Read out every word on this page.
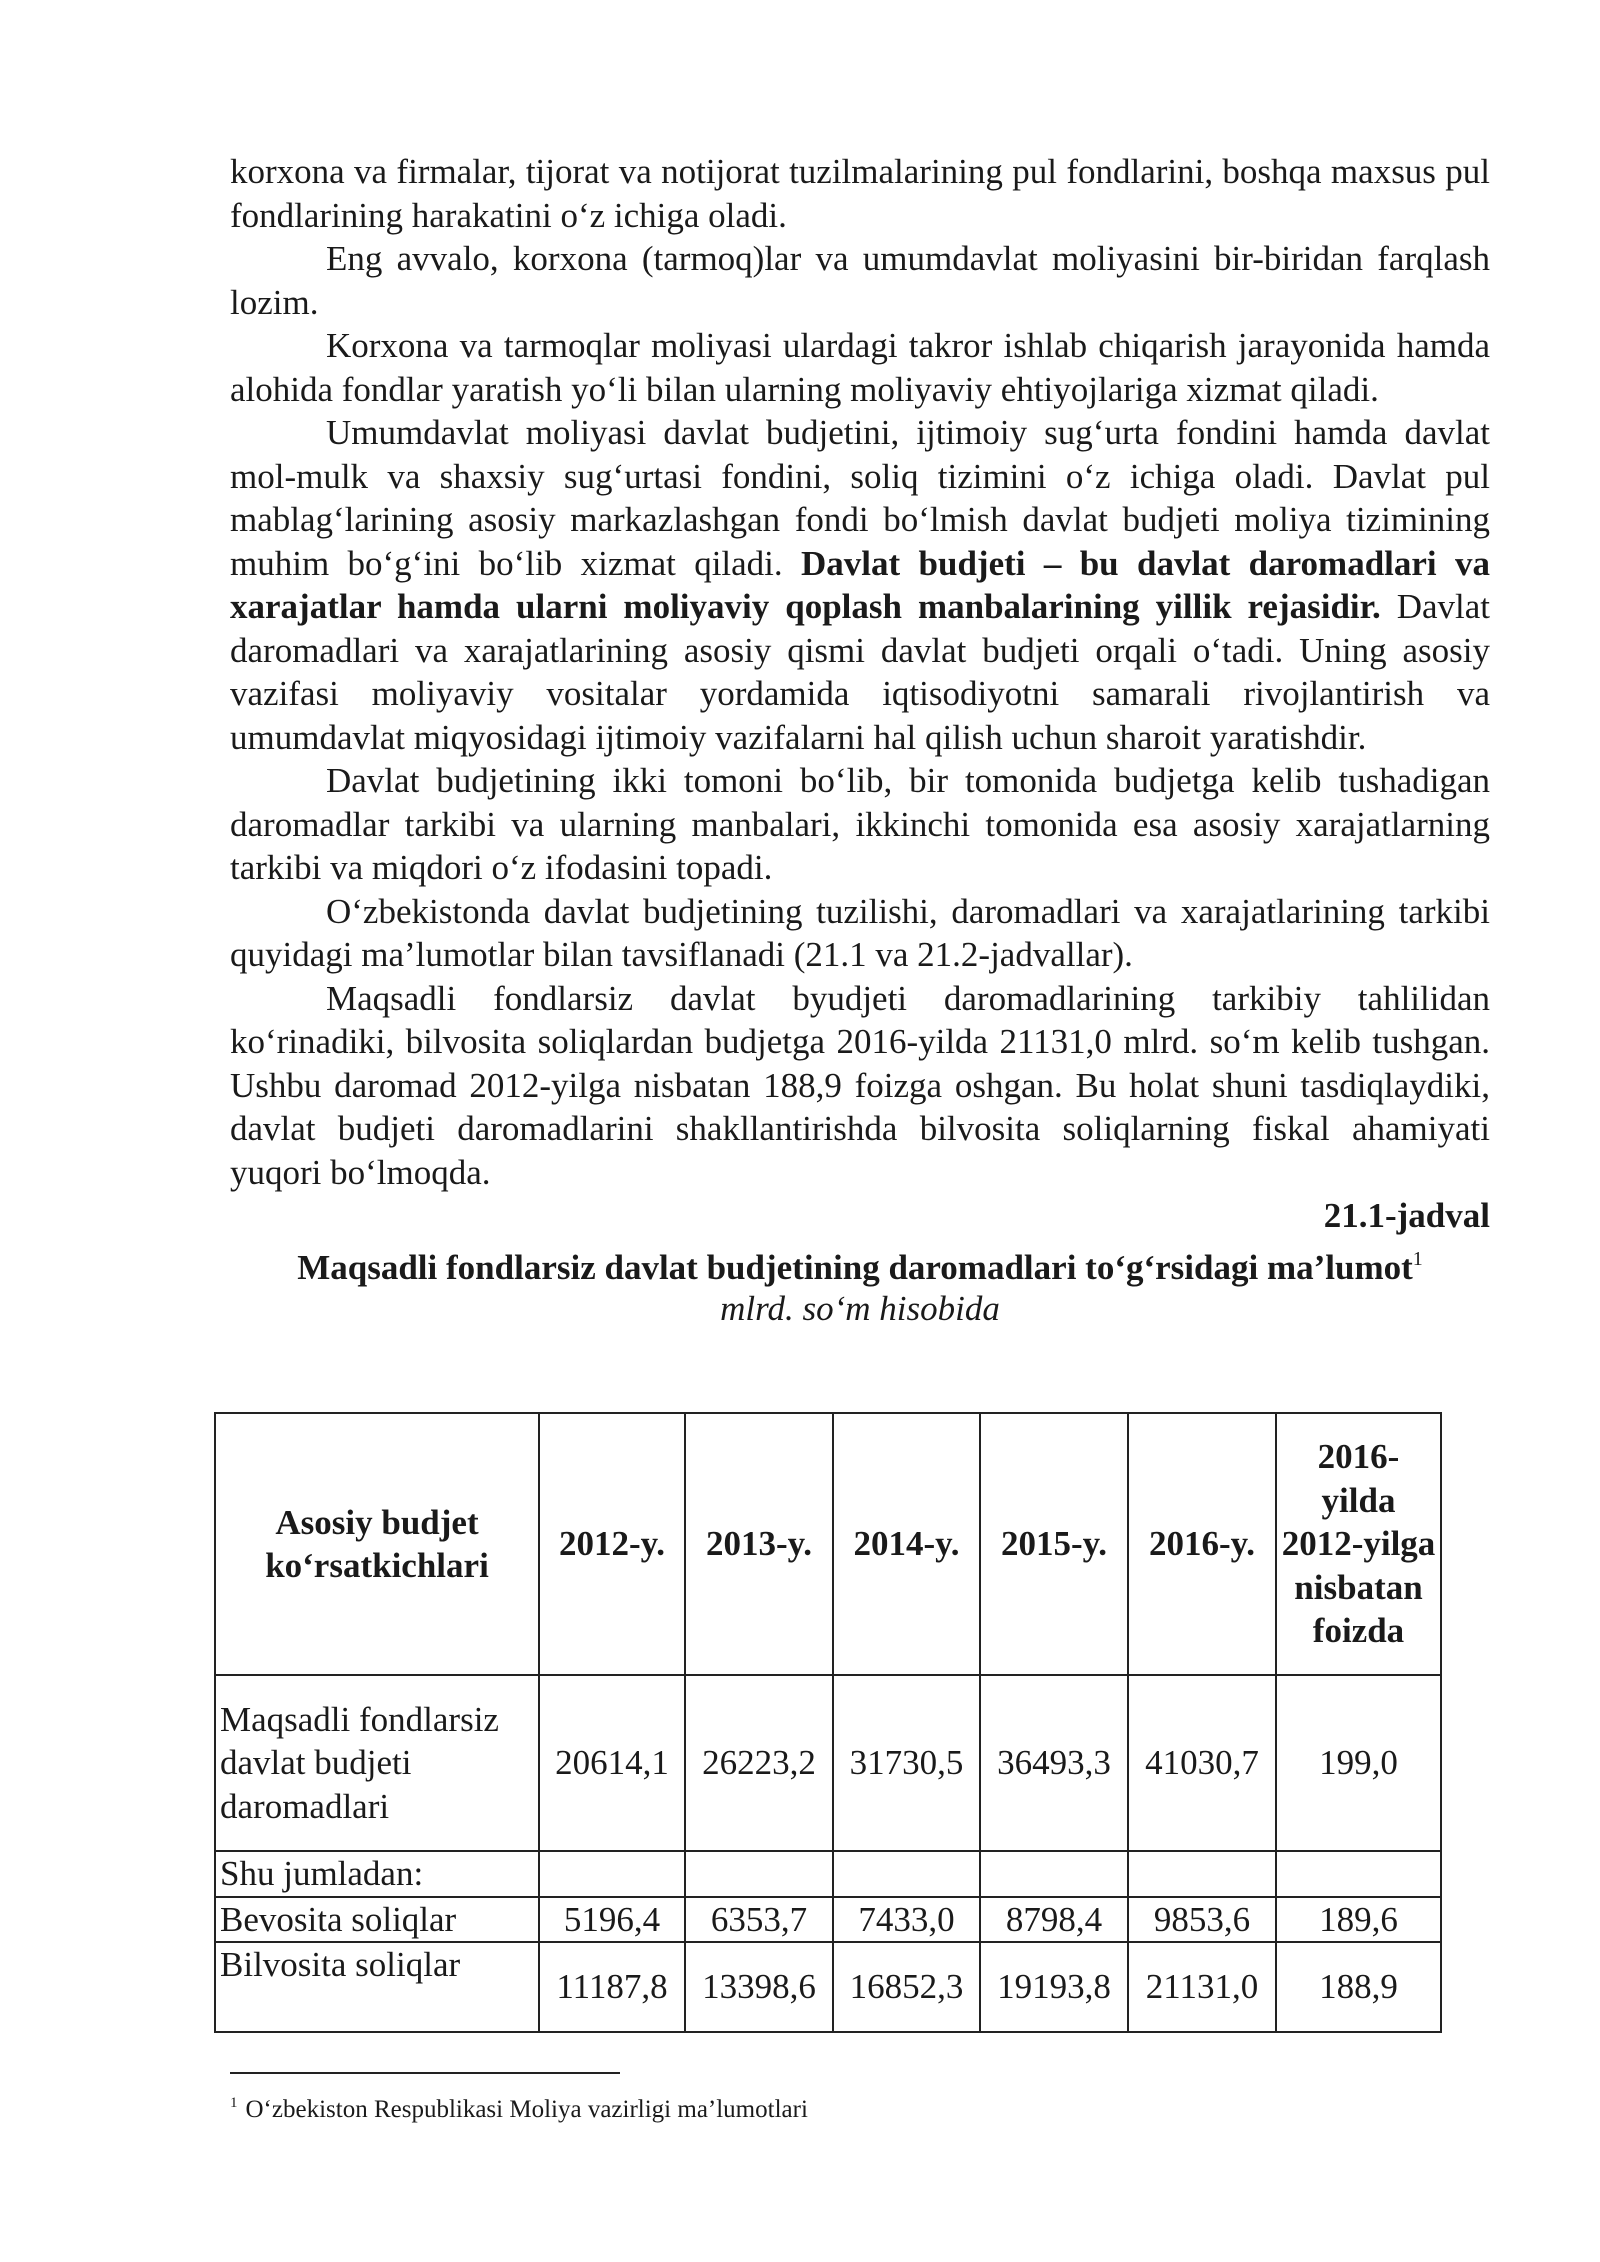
korxona va firmalar, tijorat va notijorat tuzilmalarining pul fondlarini, boshqa maxsus pul fondlarining harakatini o‘z ichiga oladi.

Eng avvalo, korxona (tarmoq)lar va umumdavlat moliyasini bir-biridan farqlash lozim.

Korxona va tarmoqlar moliyasi ulardagi takror ishlab chiqarish jarayonida hamda alohida fondlar yaratish yo‘li bilan ularning moliyaviy ehtiyojlariga xizmat qiladi.

Umumdavlat moliyasi davlat budjetini, ijtimoiy sug‘urta fondini hamda davlat mol-mulk va shaxsiy sug‘urtasi fondini, soliq tizimini o‘z ichiga oladi. Davlat pul mablag‘larining asosiy markazlashgan fondi bo‘lmish davlat budjeti moliya tizimining muhim bo‘g‘ini bo‘lib xizmat qiladi. Davlat budjeti – bu davlat daromadlari va xarajatlar hamda ularni moliyaviy qoplash manbalarining yillik rejasidir. Davlat daromadlari va xarajatlarining asosiy qismi davlat budjeti orqali o‘tadi. Uning asosiy vazifasi moliyaviy vositalar yordamida iqtisodiyotni samarali rivojlantirish va umumdavlat miqyosidagi ijtimoiy vazifalarni hal qilish uchun sharoit yaratishdir.

Davlat budjetining ikki tomoni bo‘lib, bir tomonida budjetga kelib tushadigan daromadlar tarkibi va ularning manbalari, ikkinchi tomonida esa asosiy xarajatlarning tarkibi va miqdori o‘z ifodasini topadi.

O‘zbekistonda davlat budjetining tuzilishi, daromadlari va xarajatlarining tarkibi quyidagi ma’lumotlar bilan tavsiflanadi (21.1 va 21.2-jadvallar).

Maqsadli fondlarsiz davlat byudjeti daromadlarining tarkibiy tahlilidan ko‘rinadiki, bilvosita soliqlardan budjetga 2016-yilda 21131,0 mlrd. so‘m kelib tushgan. Ushbu daromad 2012-yilga nisbatan 188,9 foizga oshgan. Bu holat shuni tasdiqlaydiki, davlat budjeti daromadlarini shakllantirishda bilvosita soliqlarning fiskal ahamiyati yuqori bo‘lmoqda.

21.1-jadval

Maqsadli fondlarsiz davlat budjetining daromadlari to‘g‘rsidagi ma’lumot$^1$

mlrd. so‘m hisobida

Asosiy budjet ko‘rsatkichlari	2012-y.	2013-y.	2014-y.	2015-y.	2016-y.	2016-yilda 2012-yilga nisbatan foizda
Maqsadli fondlarsiz davlat budjeti daromadlari	20614,1	26223,2	31730,5	36493,3	41030,7	199,0
Shu jumladan:						
Bevosita soliqlar	5196,4	6353,7	7433,0	8798,4	9853,6	189,6
Bilvosita soliqlar	11187,8	13398,6	16852,3	19193,8	21131,0	188,9
$^1$ O‘zbekiston Respublikasi Moliya vazirligi ma’lumotlari
